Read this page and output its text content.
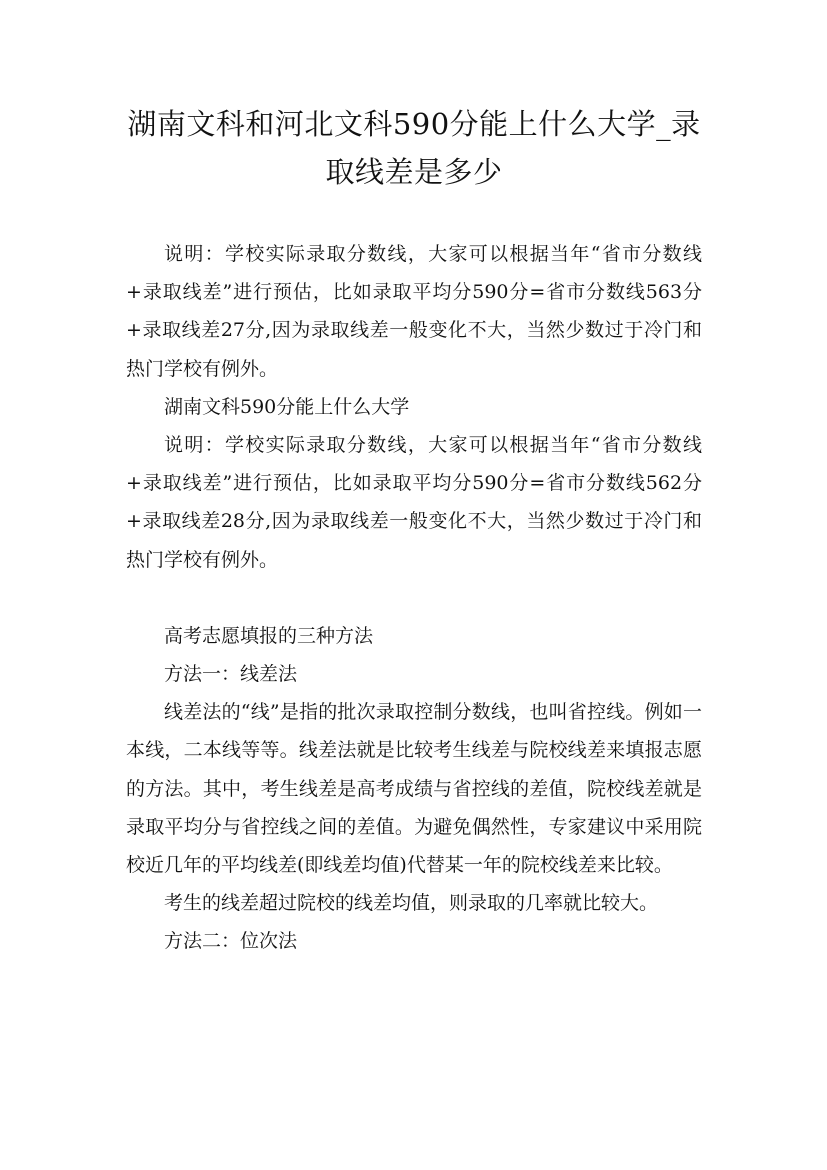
湖南文科和河北文科590分能上什么大学_录取线差是多少

说明：学校实际录取分数线，大家可以根据当年“省市分数线+录取线差”进行预估，比如录取平均分590分=省市分数线563分+录取线差27分,因为录取线差一般变化不大，当然少数过于冷门和热门学校有例外。

湖南文科590分能上什么大学

说明：学校实际录取分数线，大家可以根据当年“省市分数线+录取线差”进行预估，比如录取平均分590分=省市分数线562分+录取线差28分,因为录取线差一般变化不大，当然少数过于冷门和热门学校有例外。

高考志愿填报的三种方法

方法一：线差法

线差法的“线”是指的批次录取控制分数线，也叫省控线。例如一本线，二本线等等。线差法就是比较考生线差与院校线差来填报志愿的方法。其中，考生线差是高考成绩与省控线的差值，院校线差就是录取平均分与省控线之间的差值。为避免偶然性，专家建议中采用院校近几年的平均线差(即线差均值)代替某一年的院校线差来比较。

考生的线差超过院校的线差均值，则录取的几率就比较大。

方法二：位次法
